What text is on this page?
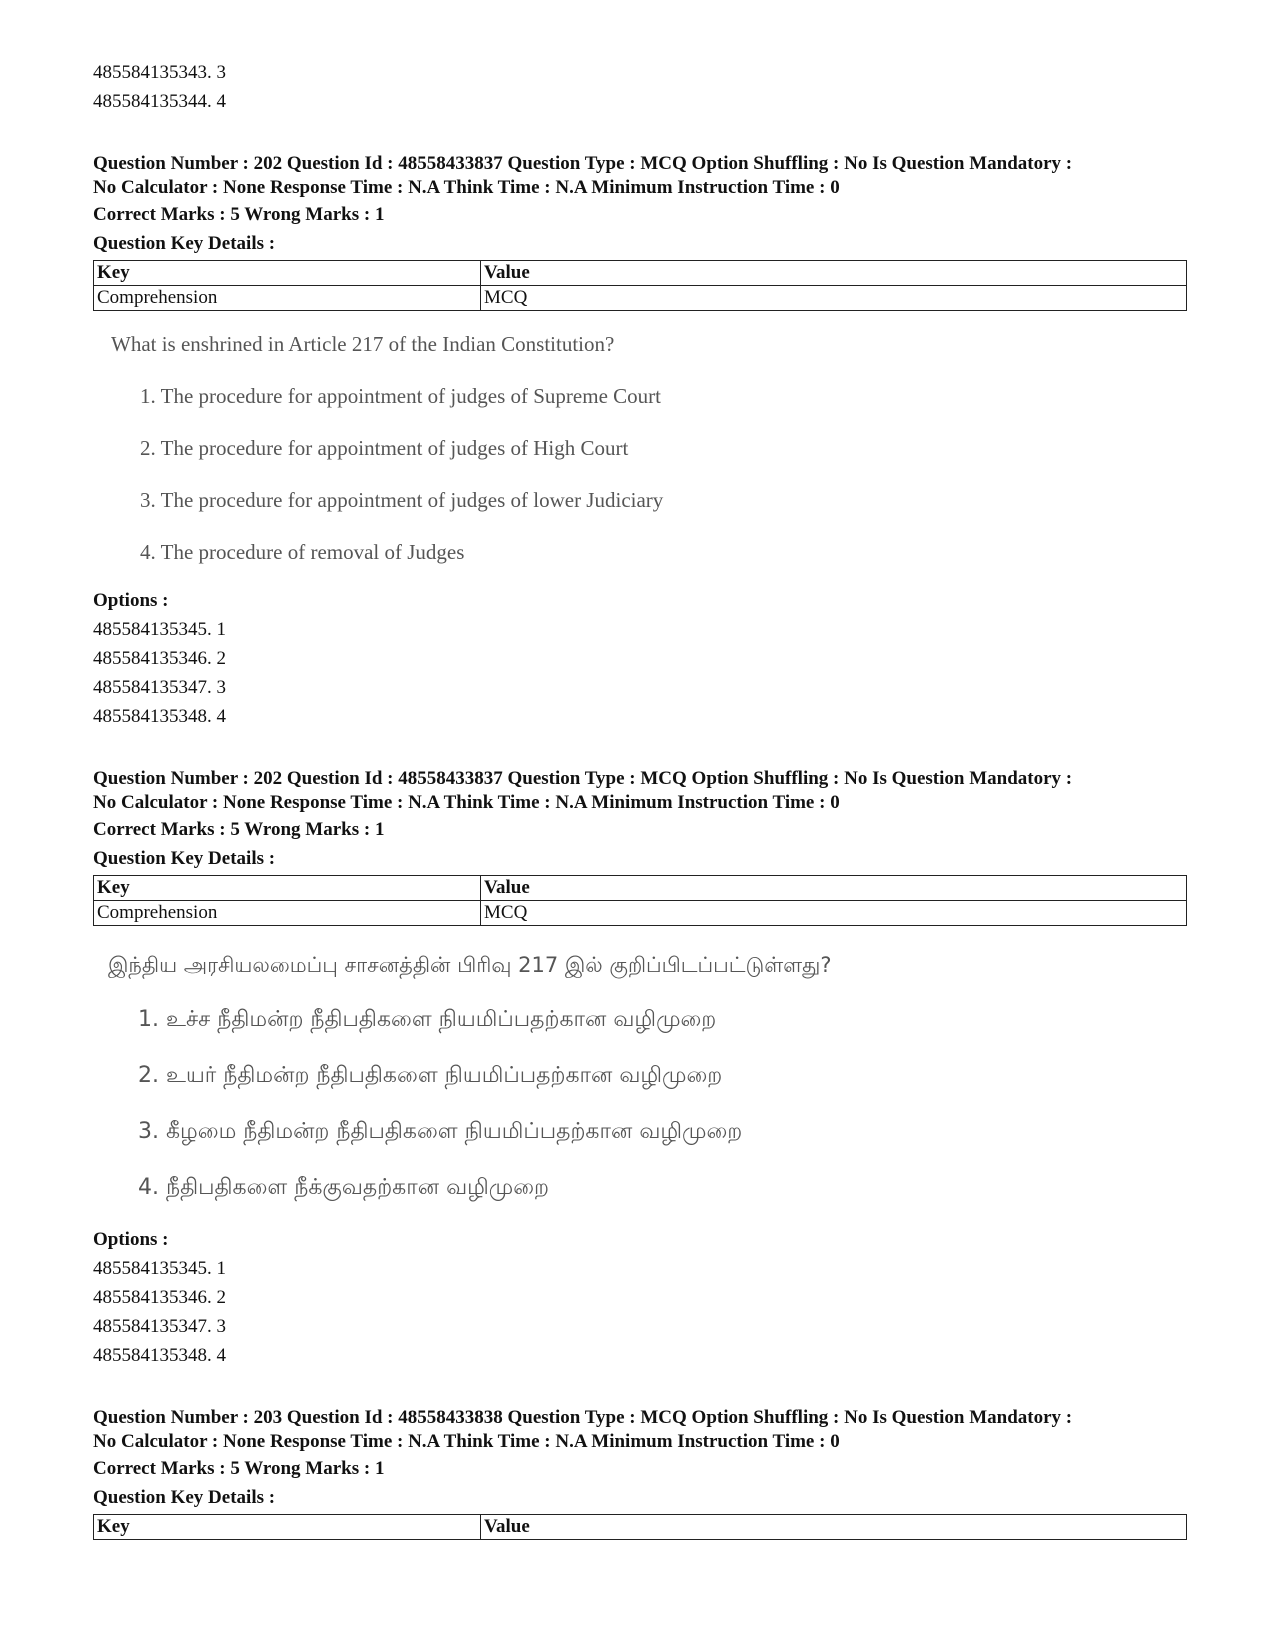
485584135343. 3
485584135344. 4
Question Number : 202 Question Id : 48558433837 Question Type : MCQ Option Shuffling : No Is Question Mandatory :
No Calculator : None Response Time : N.A Think Time : N.A Minimum Instruction Time : 0
Correct Marks : 5 Wrong Marks : 1
Question Key Details :
Key	Value
Comprehension	MCQ
What is enshrined in Article 217 of the Indian Constitution?
1. The procedure for appointment of judges of Supreme Court
2. The procedure for appointment of judges of High Court
3. The procedure for appointment of judges of lower Judiciary
4. The procedure of removal of Judges
Options :
485584135345. 1
485584135346. 2
485584135347. 3
485584135348. 4
Question Number : 202 Question Id : 48558433837 Question Type : MCQ Option Shuffling : No Is Question Mandatory :
No Calculator : None Response Time : N.A Think Time : N.A Minimum Instruction Time : 0
Correct Marks : 5 Wrong Marks : 1
Question Key Details :
Key	Value
Comprehension	MCQ
இந்திய அரசியலமைப்பு சாசனத்தின் பிரிவு 217 இல் குறிப்பிடப்பட்டுள்ளது?
1. உச்ச நீதிமன்ற நீதிபதிகளை நியமிப்பதற்கான வழிமுறை
2. உயர் நீதிமன்ற நீதிபதிகளை நியமிப்பதற்கான வழிமுறை
3. கீழமை நீதிமன்ற நீதிபதிகளை நியமிப்பதற்கான வழிமுறை
4. நீதிபதிகளை நீக்குவதற்கான வழிமுறை
Options :
485584135345. 1
485584135346. 2
485584135347. 3
485584135348. 4
Question Number : 203 Question Id : 48558433838 Question Type : MCQ Option Shuffling : No Is Question Mandatory :
No Calculator : None Response Time : N.A Think Time : N.A Minimum Instruction Time : 0
Correct Marks : 5 Wrong Marks : 1
Question Key Details :
Key	Value
